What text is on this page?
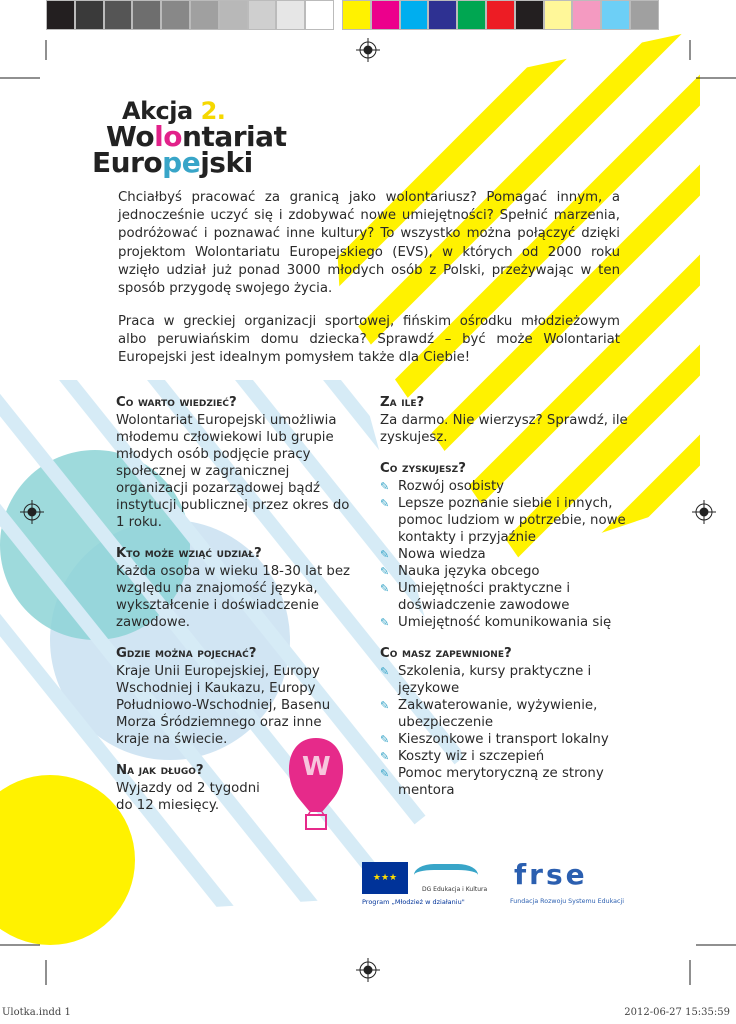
W
Akcja 2.
Wolontariat
Europejski
Chciałbyś pracować za granicą jako wolontariusz? Pomagać innym, a jednocześnie uczyć się i zdobywać nowe umiejętności? Spełnić marzenia, podróżować i poznawać inne kultury? To wszystko można połączyć dzięki projektom Wolontariatu Europejskiego (EVS), w których od 2000 roku wzięło udział już ponad 3000 młodych osób z Polski, przeżywając w ten sposób przygodę swojego życia.
Praca w greckiej organizacji sportowej, fińskim ośrodku młodzieżowym albo peruwiańskim domu dziecka? Sprawdź – być może Wolontariat Europejski jest idealnym pomysłem także dla Ciebie!
Co warto wiedzieć?
Wolontariat Europejski umożliwia młodemu człowiekowi lub grupie młodych osób podjęcie pracy społecznej w zagranicznej organizacji pozarządowej bądź instytucji publicznej przez okres do 1 roku.
Kto może wziąć udział?
Każda osoba w wieku 18-30 lat bez względu na znajomość języka, wykształcenie i doświadczenie zawodowe.
Gdzie można pojechać?
Kraje Unii Europejskiej, Europy Wschodniej i Kaukazu, Europy Południowo-Wschodniej, Basenu Morza Śródziemnego oraz inne kraje na świecie.
Na jak długo?
Wyjazdy od 2 tygodni do 12 miesięcy.
Za ile?
Za darmo. Nie wierzysz? Sprawdź, ile zyskujesz.
Co zyskujesz?
✎ Rozwój osobisty
✎ Lepsze poznanie siebie i innych, pomoc ludziom w potrzebie, nowe kontakty i przyjaźnie
✎ Nowa wiedza
✎ Nauka języka obcego
✎ Umiejętności praktyczne i doświadczenie zawodowe
✎ Umiejętność komunikowania się
Co masz zapewnione?
✎ Szkolenia, kursy praktyczne i językowe
✎ Zakwaterowanie, wyżywienie, ubezpieczenie
✎ Kieszonkowe i transport lokalny
✎ Koszty wiz i szczepień
✎ Pomoc merytoryczną ze strony mentora
★★★
DG Edukacja i Kultura
Program „Młodzież w działaniu"
frse
Fundacja Rozwoju Systemu Edukacji
Ulotka.indd 1	2012-06-27 15:35:59
